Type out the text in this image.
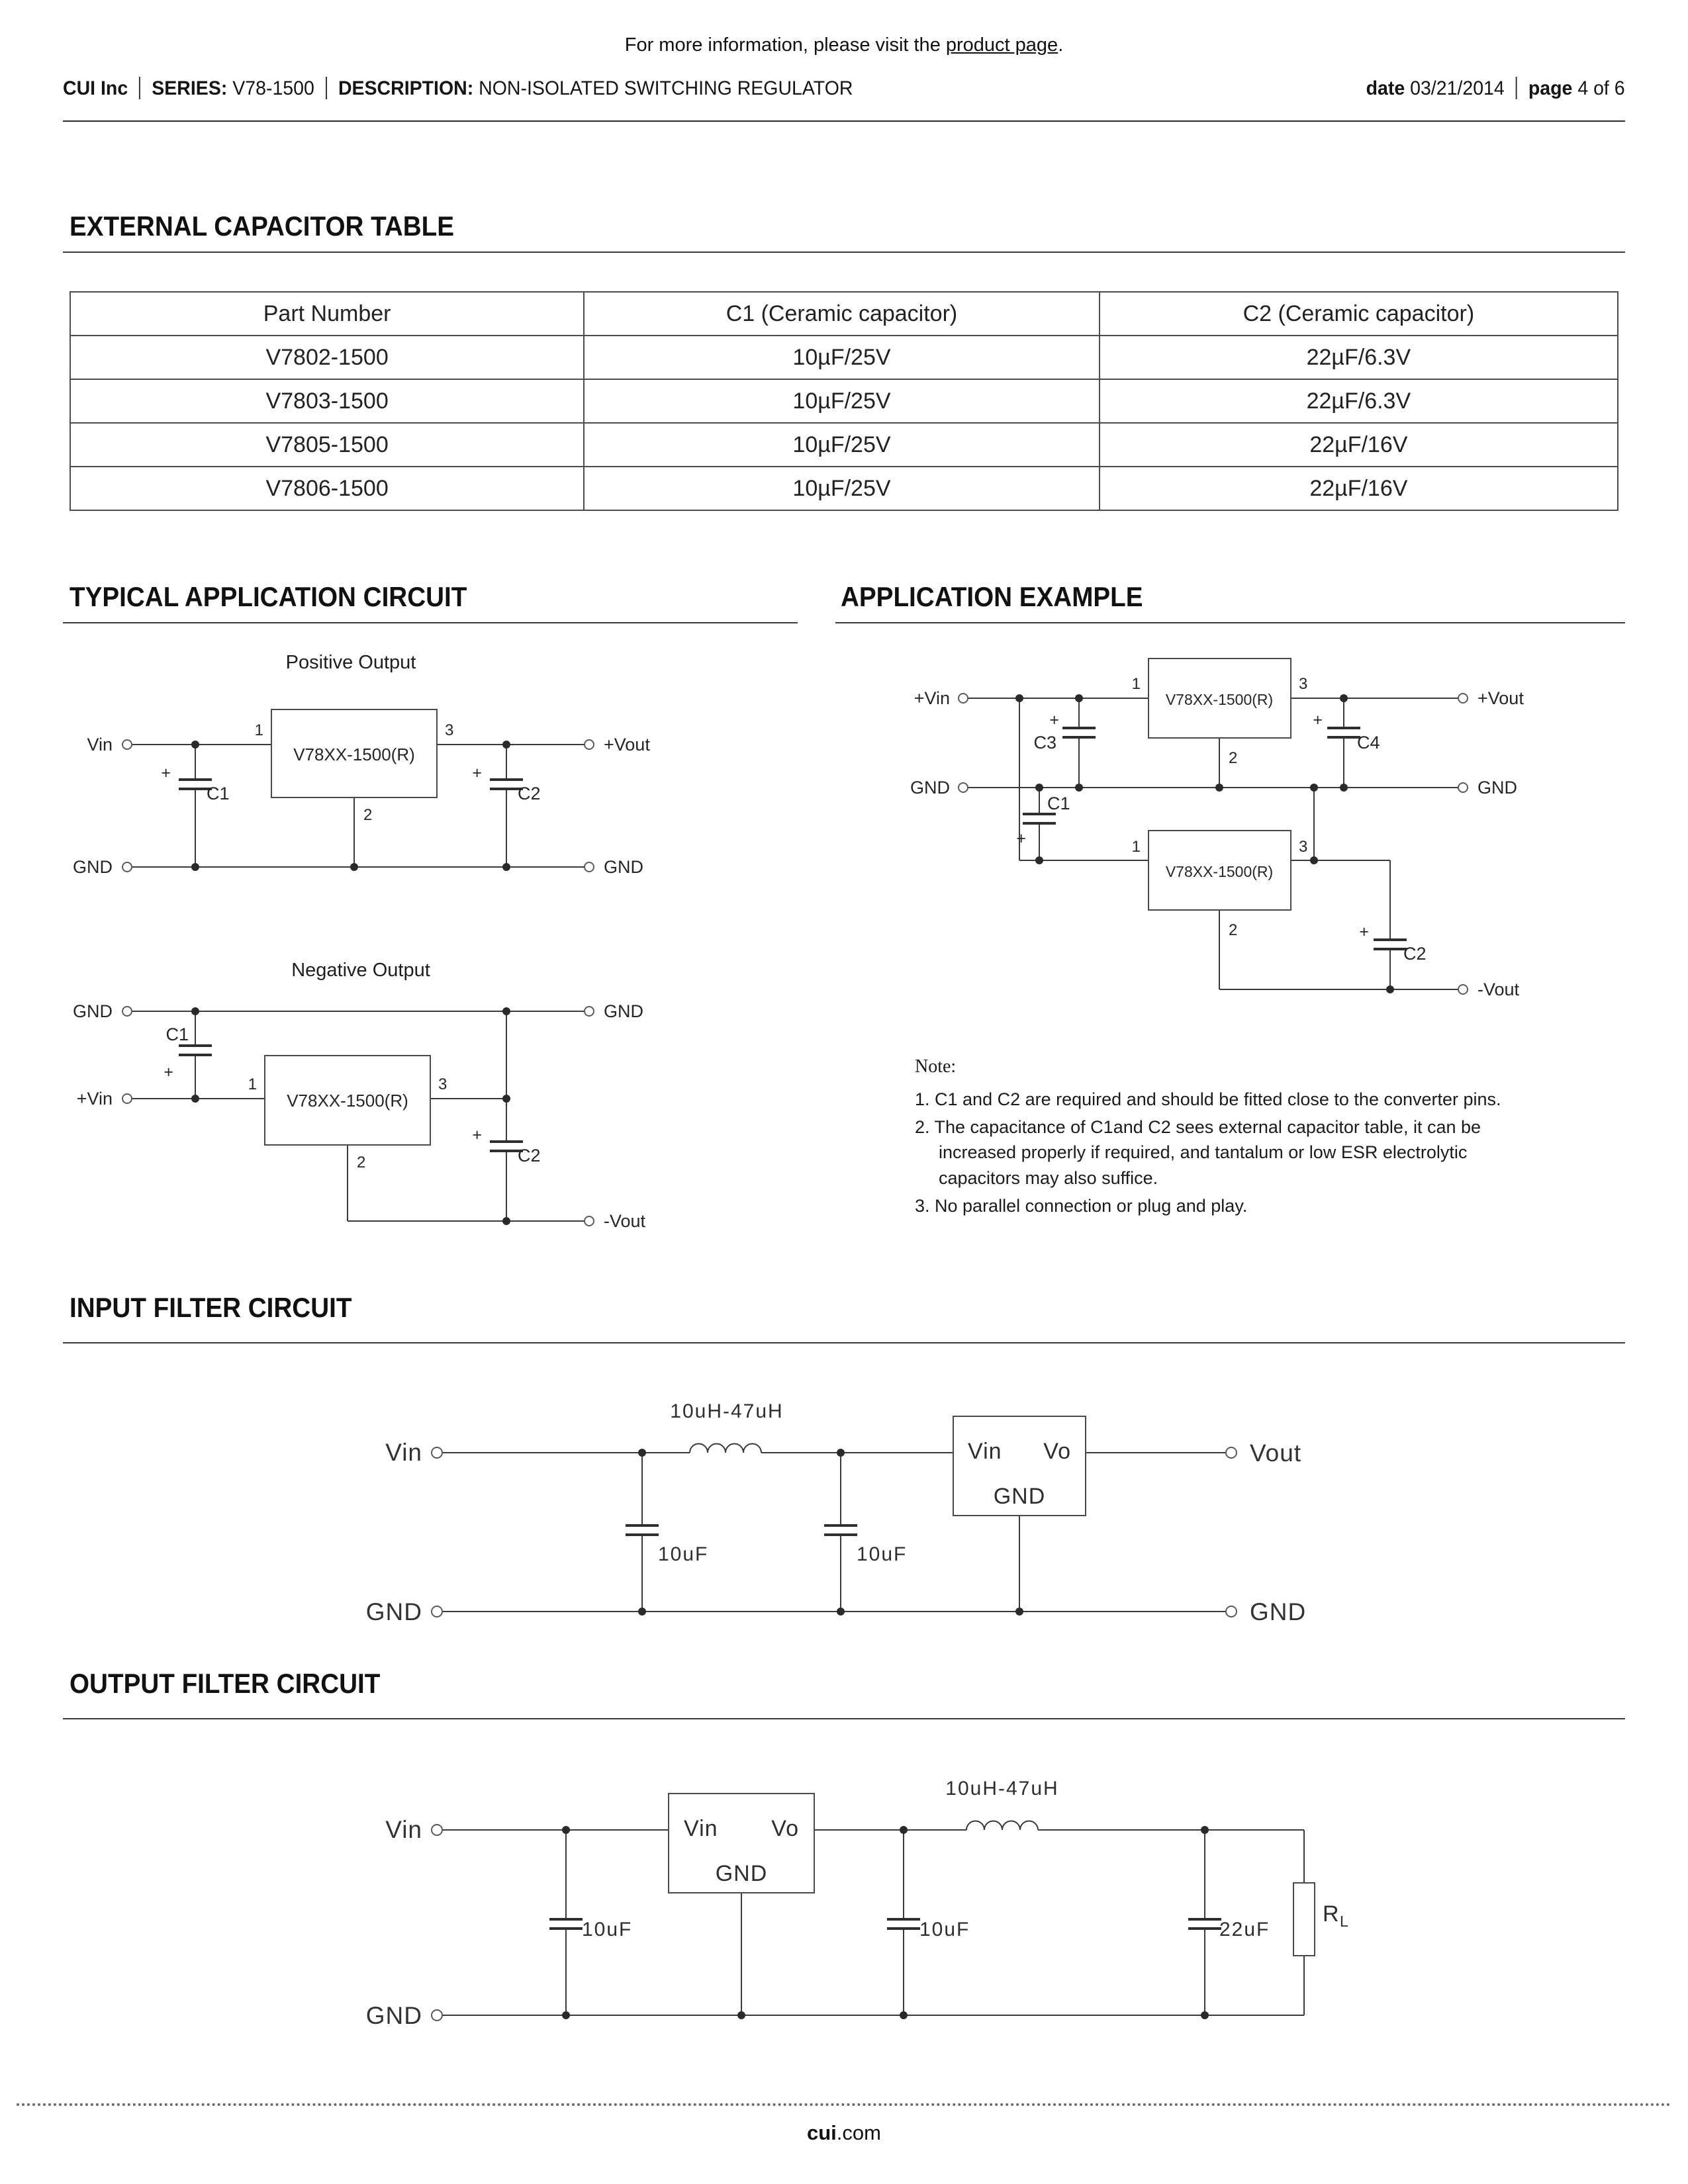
For more information, please visit the product page.
CUI Inc SERIES: V78-1500 DESCRIPTION: NON-ISOLATED SWITCHING REGULATOR	date 03/21/2014 page 4 of 6
EXTERNAL CAPACITOR TABLE
Part Number	C1 (Ceramic capacitor)	C2 (Ceramic capacitor)
V7802-1500	10µF/25V	22µF/6.3V
V7803-1500	10µF/25V	22µF/6.3V
V7805-1500	10µF/25V	22µF/16V
V7806-1500	10µF/25V	22µF/16V
TYPICAL APPLICATION CIRCUIT	APPLICATION EXAMPLE
Positive Output
V78XX-1500(R)
Vin	+Vout
GND	GND
1	3
2
+
C1
+
C2
Negative Output
V78XX-1500(R)
GND	GND
+Vin
-Vout
C1
+
1	3
2
+
C2
V78XX-1500(R)
V78XX-1500(R)
+Vin	+Vout
GND	GND
-Vout
1	3
2
1	3
2
+
C3
+
C4
C1
+
+
C2
Note:
1. C1 and C2 are required and should be fitted close to the converter pins.
2. The capacitance of C1and C2 sees external capacitor table, it can be increased properly if required, and tantalum or low ESR electrolytic capacitors may also suffice.
3. No parallel connection or plug and play.
INPUT FILTER CIRCUIT
Vin Vo
GND
Vin	Vout
GND	GND
10uH-47uH
10uF	10uF
OUTPUT FILTER CIRCUIT
Vin Vo
GND
Vin
GND
10uH-47uH
10uF	10uF	22uF
R L
cui.com
